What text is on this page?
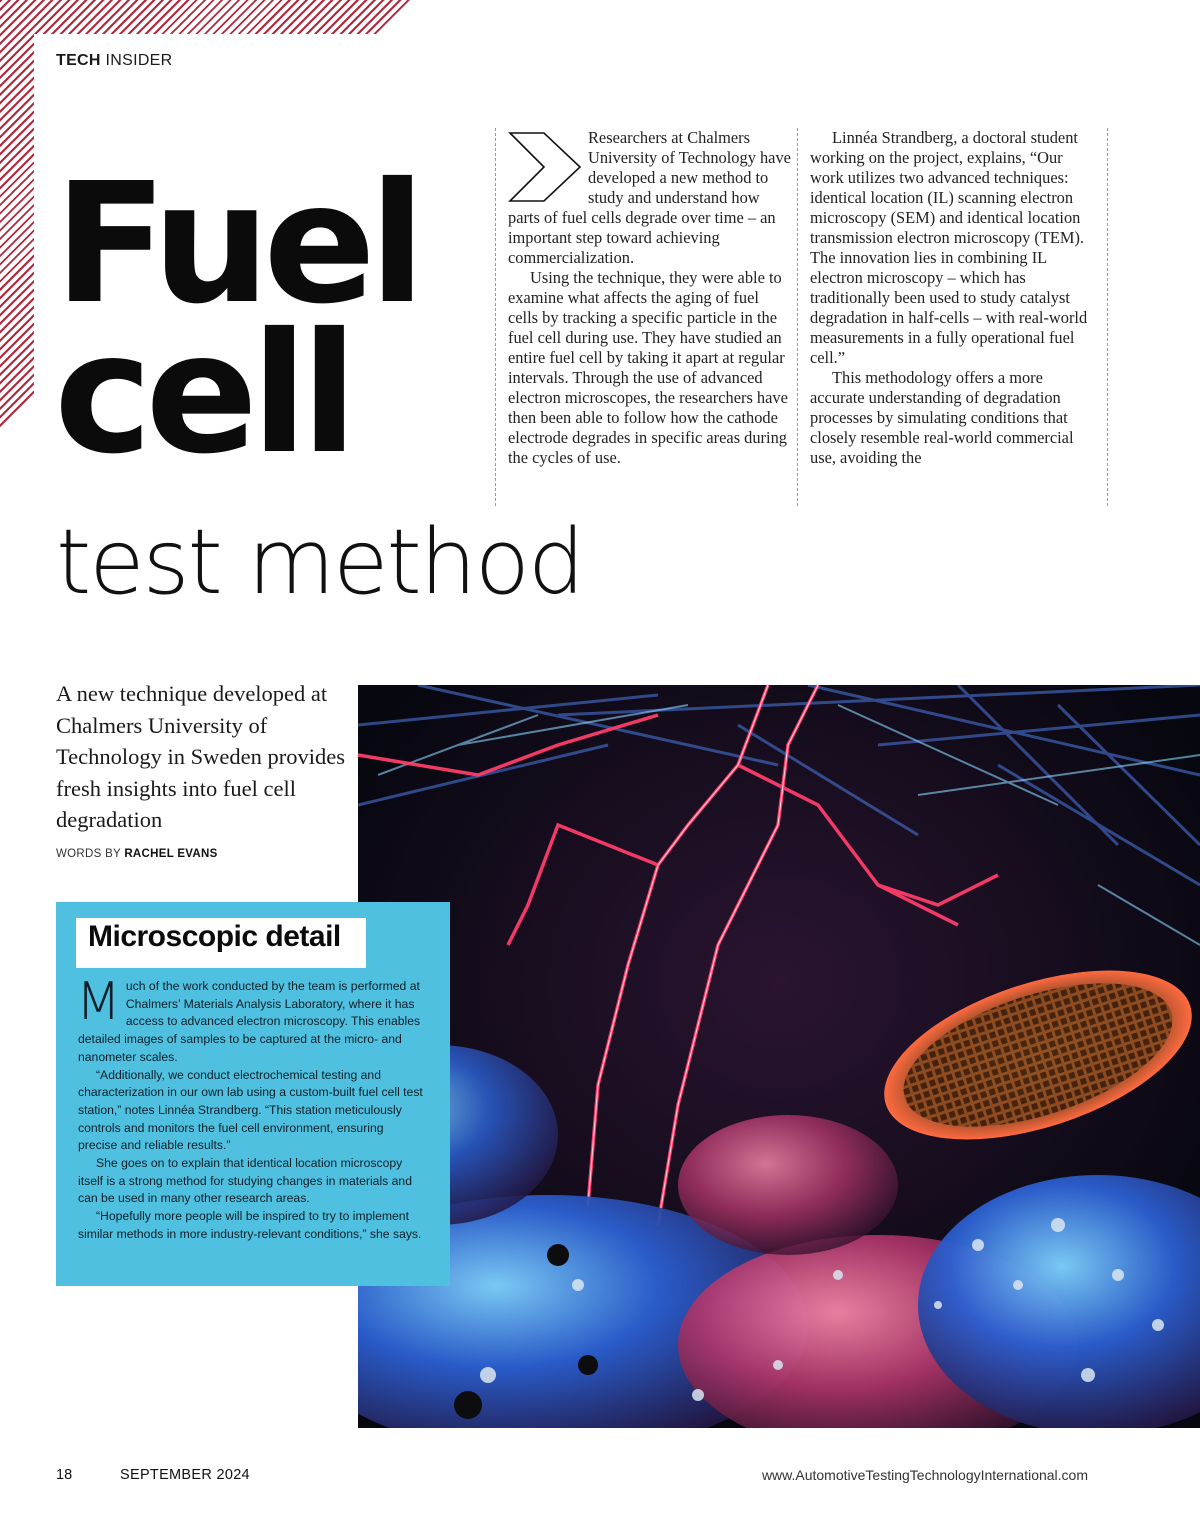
TECH INSIDER
Fuel
cell
test method

Researchers at Chalmers University of Technology have developed a new method to study and understand how parts of fuel cells degrade over time – an important step toward achieving commercialization.

Using the technique, they were able to examine what affects the aging of fuel cells by tracking a specific particle in the fuel cell during use. They have studied an entire fuel cell by taking it apart at regular intervals. Through the use of advanced electron microscopes, the researchers have then been able to follow how the cathode electrode degrades in specific areas during the cycles of use.

Linnéa Strandberg, a doctoral student working on the project, explains, “Our work utilizes two advanced techniques: identical location (IL) scanning electron microscopy (SEM) and identical location transmission electron microscopy (TEM). The innovation lies in combining IL electron microscopy – which has traditionally been used to study catalyst degradation in half-cells – with real-world measurements in a fully operational fuel cell.”

This methodology offers a more accurate understanding of degradation processes by simulating conditions that closely resemble real-world commercial use, avoiding the

A new technique developed at Chalmers University of Technology in Sweden provides fresh insights into fuel cell degradation
WORDS BY RACHEL EVANS
Microscopic detail

Much of the work conducted by the team is performed at Chalmers’ Materials Analysis Laboratory, where it has access to advanced electron microscopy. This enables detailed images of samples to be captured at the micro- and nanometer scales.

“Additionally, we conduct electrochemical testing and characterization in our own lab using a custom-built fuel cell test station,” notes Linnéa Strandberg. “This station meticulously controls and monitors the fuel cell environment, ensuring precise and reliable results.”

She goes on to explain that identical location microscopy itself is a strong method for studying changes in materials and can be used in many other research areas.

“Hopefully more people will be inspired to try to implement similar methods in more industry-relevant conditions,” she says.

18	SEPTEMBER 2024	www.AutomotiveTestingTechnologyInternational.com
